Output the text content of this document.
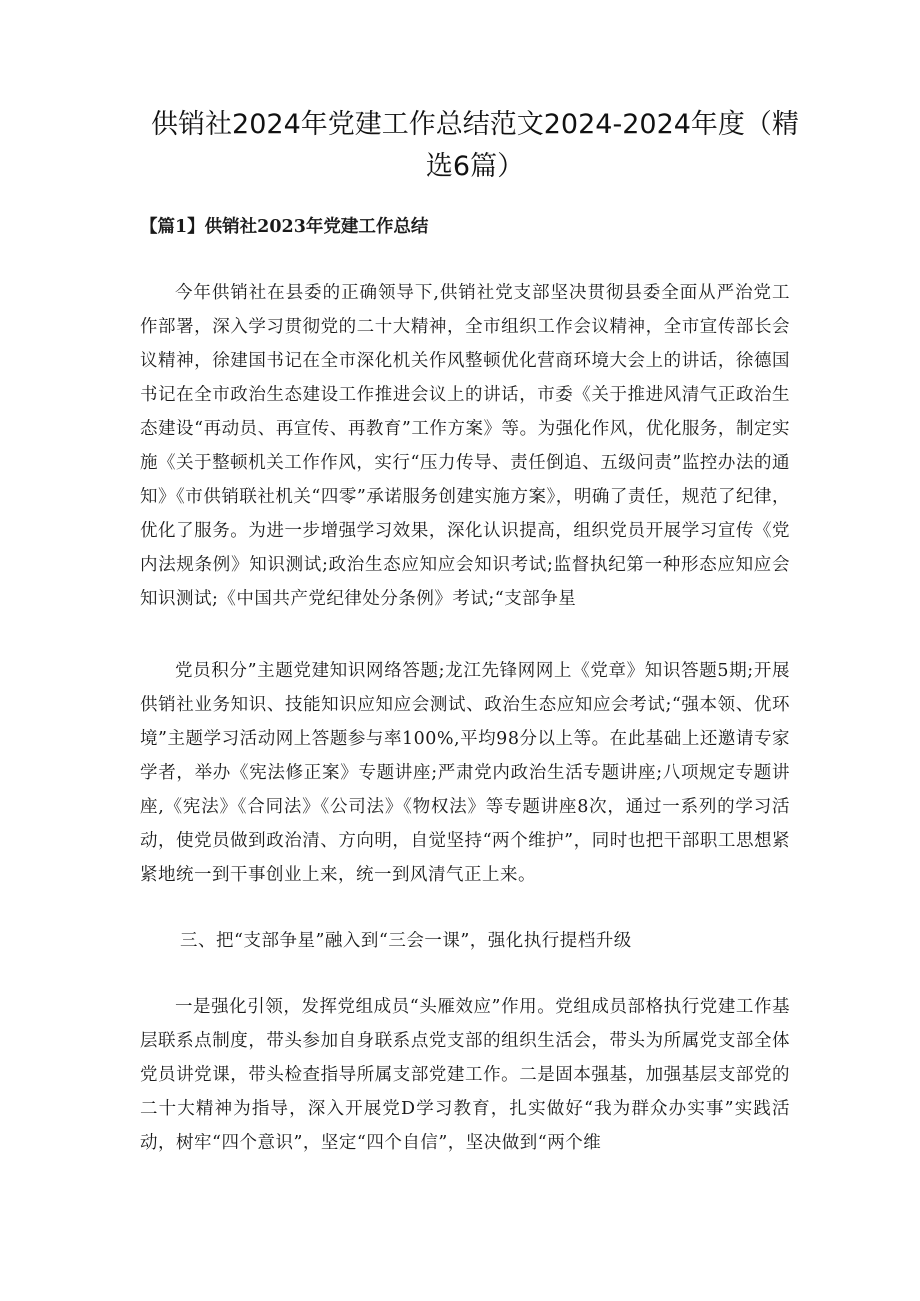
供销社2024年党建工作总结范文2024-2024年度（精选6篇）
【篇1】供销社2023年党建工作总结

今年供销社在县委的正确领导下,供销社党支部坚决贯彻县委全面从严治党工作部署，深入学习贯彻党的二十大精神，全市组织工作会议精神，全市宣传部长会议精神，徐建国书记在全市深化机关作风整顿优化营商环境大会上的讲话，徐德国书记在全市政治生态建设工作推进会议上的讲话，市委《关于推进风清气正政治生态建设“再动员、再宣传、再教育”工作方案》等。为强化作风，优化服务，制定实施《关于整顿机关工作作风，实行“压力传导、责任倒追、五级问责”监控办法的通知》《市供销联社机关“四零”承诺服务创建实施方案》，明确了责任，规范了纪律，优化了服务。为进一步增强学习效果，深化认识提高，组织党员开展学习宣传《党内法规条例》知识测试;政治生态应知应会知识考试;监督执纪第一种形态应知应会知识测试;《中国共产党纪律处分条例》考试;“支部争星

党员积分”主题党建知识网络答题;龙江先锋网网上《党章》知识答题5期;开展供销社业务知识、技能知识应知应会测试、政治生态应知应会考试;“强本领、优环境”主题学习活动网上答题参与率100%,平均98分以上等。在此基础上还邀请专家学者，举办《宪法修正案》专题讲座;严肃党内政治生活专题讲座;八项规定专题讲座,《宪法》《合同法》《公司法》《物权法》等专题讲座8次，通过一系列的学习活动，使党员做到政治清、方向明，自觉坚持“两个维护”，同时也把干部职工思想紧紧地统一到干事创业上来，统一到风清气正上来。

三、把“支部争星”融入到“三会一课”，强化执行提档升级

一是强化引领，发挥党组成员“头雁效应”作用。党组成员部格执行党建工作基层联系点制度，带头参加自身联系点党支部的组织生活会，带头为所属党支部全体党员讲党课，带头检查指导所属支部党建工作。二是固本强基，加强基层支部党的二十大精神为指导，深入开展党D学习教育，扎实做好“我为群众办实事”实践活动，树牢“四个意识”，坚定“四个自信”，坚决做到“两个维
